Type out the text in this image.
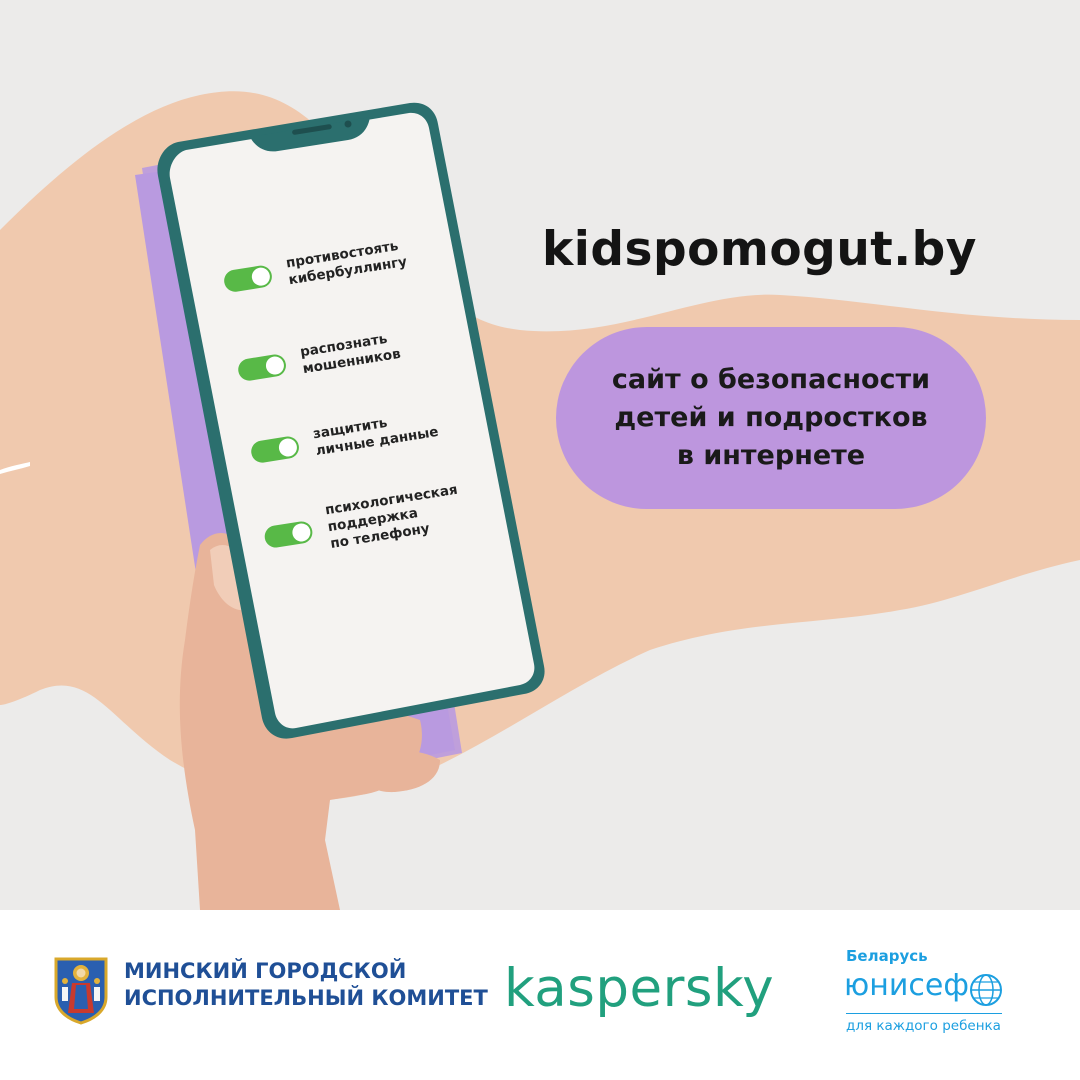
противостоять
кибербуллингу
распознать
мошенников
защитить
личные данные
психологическая
поддержка
по телефону
kidspomogut.by
сайт о безопасности
детей и подростков
в интернете
МИНСКИЙ ГОРОДСКОЙ
ИСПОЛНИТЕЛЬНЫЙ КОМИТЕТ kaspersky
Беларусь
юнисеф
для каждого ребенка
